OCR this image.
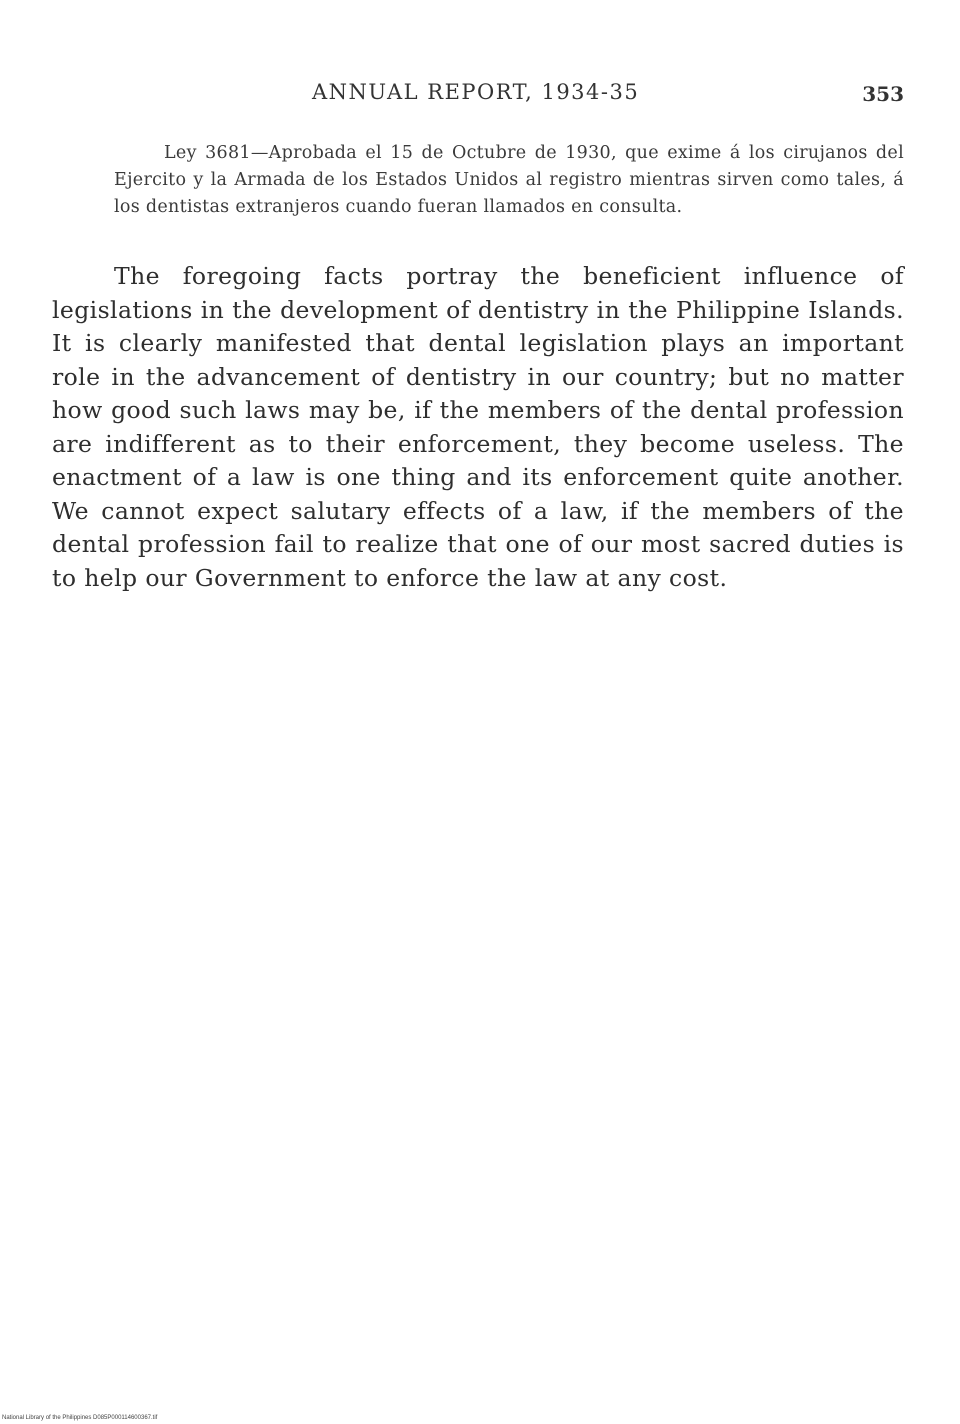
ANNUAL REPORT, 1934-35	353

Ley 3681—Aprobada el 15 de Octubre de 1930, que exime á los cirujanos del Ejercito y la Armada de los Estados Unidos al registro mientras sirven como tales, á los dentistas extranjeros cuando fueran llamados en consulta.

The foregoing facts portray the beneficient influence of legislations in the development of dentistry in the Philippine Islands. It is clearly manifested that dental legislation plays an important role in the advancement of dentistry in our country; but no matter how good such laws may be, if the members of the dental profession are indifferent as to their enforcement, they become useless. The enactment of a law is one thing and its enforcement quite another. We cannot expect salutary effects of a law, if the members of the dental profession fail to realize that one of our most sacred duties is to help our Government to enforce the law at any cost.

National Library of the Philippines D085P000114600367.tif
